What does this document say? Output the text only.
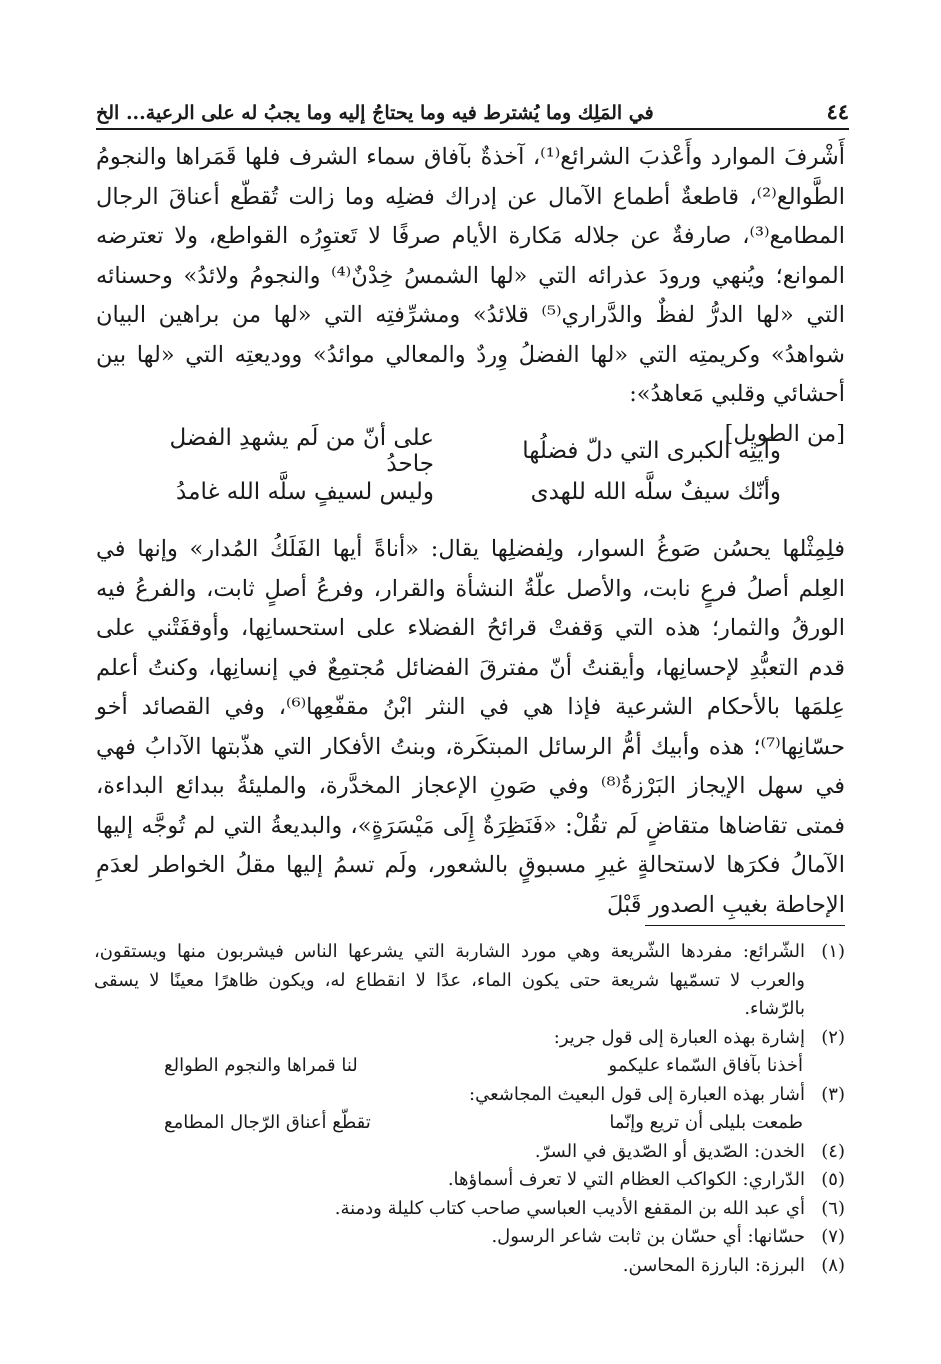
٤٤
في المَلِك وما يُشترط فيه وما يحتاجُ إليه وما يجبُ له على الرعية... الخ

أَشْرفَ الموارد وأَعْذبَ الشرائع⁽¹⁾، آخذةٌ بآفاق سماء الشرف فلها قَمَراها والنجومُ الطَّوالع⁽²⁾، قاطعةٌ أطماع الآمال عن إدراك فضلِه وما زالت تُقطّع أعناقَ الرجال المطامع⁽³⁾، صارفةٌ عن جلاله مَكارة الأيام صرفًا لا تَعتوِرُه القواطع، ولا تعترضه الموانع؛ ويُنهي ورودَ عذرائه التي «لها الشمسُ خِدْنٌ⁽⁴⁾ والنجومُ ولائدُ» وحسنائه التي «لها الدرُّ لفظٌ والدَّراري⁽⁵⁾ قلائدُ» ومشرِّفتِه التي «لها من براهين البيان شواهدُ» وكريمتِه التي «لها الفضلُ وِردٌ والمعالي موائدُ» ووديعتِه التي «لها بين أحشائي وقلبي مَعاهدُ»:

[من الطويل]

وآيتِه الكبرى التي دلّ فضلُها
على أنّ من لَم يشهدِ الفضل جاحدُ
وأنّك سيفٌ سلَّه الله للهدى
وليس لسيفٍ سلَّه الله غامدُ

فلِمِثْلها يحسُن صَوغُ السوار، ولِفضلِها يقال: «أناةً أيها الفَلَكُ المُدار» وإنها في العِلم أصلُ فرعٍ نابت، والأصل علّةُ النشأة والقرار، وفرعُ أصلٍ ثابت، والفرعُ فيه الورقُ والثمار؛ هذه التي وَقفتْ قرائحُ الفضلاء على استحسانِها، وأوقفَتْني على قدم التعبُّدِ لإحسانِها، وأيقنتُ أنّ مفترقَ الفضائل مُجتمِعٌ في إنسانِها، وكنتُ أعلم عِلمَها بالأحكام الشرعية فإذا هي في النثر ابْنُ مقفّعِها⁽⁶⁾، وفي القصائد أخو حسّانِها⁽⁷⁾؛ هذه وأبيك أمُّ الرسائل المبتكَرة، وبنتُ الأفكار التي هذّبتها الآدابُ فهي في سهل الإيجاز البَرْزةُ⁽⁸⁾ وفي صَونِ الإعجاز المخدَّرة، والمليئةُ ببدائع البداءة، فمتى تقاضاها متقاضٍ لَم تقُلْ: «فَنَظِرَةٌ إِلَى مَيْسَرَةٍ»، والبديعةُ التي لم تُوجَّه إليها الآمالُ فكرَها لاستحالةٍ غيرِ مسبوقٍ بالشعور، ولَم تسمُ إليها مقلُ الخواطر لعدَمِ الإحاطة بغيبِ الصدور قَبْلَ

(١)
الشّرائع: مفردها الشّريعة وهي مورد الشاربة التي يشرعها الناس فيشربون منها ويستقون، والعرب لا تسمّيها شريعة حتى يكون الماء، عدًا لا انقطاع له، ويكون ظاهرًا معينًا لا يسقى بالرّشاء.
(٢)
إشارة بهذه العبارة إلى قول جرير:
أخذنا بآفاق السّماء عليكمو
لنا قمراها والنجوم الطوالع
(٣)
أشار بهذه العبارة إلى قول البعيث المجاشعي:
طمعت بليلى أن تريع وإنّما
تقطّع أعناق الرّجال المطامع
(٤)
الخدن: الصّديق أو الصّديق في السرّ.
(٥)
الدّراري: الكواكب العظام التي لا تعرف أسماؤها.
(٦)
أي عبد الله بن المقفع الأديب العباسي صاحب كتاب كليلة ودمنة.
(٧)
حسّانها: أي حسّان بن ثابت شاعر الرسول.
(٨)
البرزة: البارزة المحاسن.
